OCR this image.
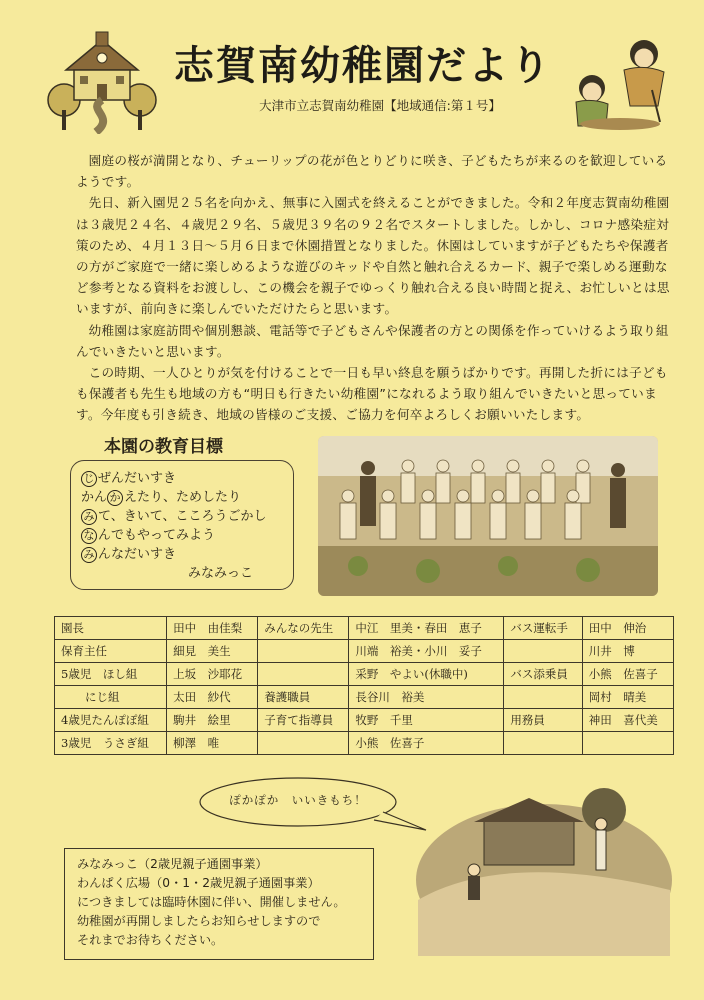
志賀南幼稚園だより
大津市立志賀南幼稚園【地域通信:第１号】

園庭の桜が満開となり、チューリップの花が色とりどりに咲き、子どもたちが来るのを歓迎しているようです。

先日、新入園児２５名を向かえ、無事に入園式を終えることができました。令和２年度志賀南幼稚園は３歳児２４名、４歳児２９名、５歳児３９名の９２名でスタートしました。しかし、コロナ感染症対策のため、４月１３日～５月６日まで休園措置となりました。休園はしていますが子どもたちや保護者の方がご家庭で一緒に楽しめるような遊びのキッドや自然と触れ合えるカード、親子で楽しめる運動など参考となる資料をお渡しし、この機会を親子でゆっくり触れ合える良い時間と捉え、お忙しいとは思いますが、前向きに楽しんでいただけたらと思います。

幼稚園は家庭訪問や個別懇談、電話等で子どもさんや保護者の方との関係を作っていけるよう取り組んでいきたいと思います。

この時期、一人ひとりが気を付けることで一日も早い終息を願うばかりです。再開した折には子どもも保護者も先生も地域の方も“明日も行きたい幼稚園”になれるよう取り組んでいきたいと思っています。今年度も引き続き、地域の皆様のご支援、ご協力を何卒よろしくお願いいたします。

本園の教育目標
じ ぜんだいすき
かん か えたり、ためしたり
み て、きいて、こころうごかし
な んでもやってみよう
み んなだいすき
みなみっこ
園長	田中　由佳梨	みんなの先生	中江　里美・春田　恵子	バス運転手	田中　伸治
保育主任	細見　美生		川端　裕美・小川　妥子		川井　博
5歳児　ほし組	上坂　沙耶花		采野　やよい(休職中)	バス添乗員	小熊　佐喜子
にじ組	太田　紗代	養護職員	長谷川　裕美		岡村　晴美
4歳児たんぽぽ組	駒井　絵里	子育て指導員	牧野　千里	用務員	神田　喜代美
3歳児　うさぎ組	柳澤　唯		小熊　佐喜子		
ぽかぽか　いいきもち！
みなみっこ（2歳児親子通園事業）
わんぱく広場（0・1・2歳児親子通園事業）
につきましては臨時休園に伴い、開催しません。
幼稚園が再開しましたらお知らせしますので
それまでお待ちください。
